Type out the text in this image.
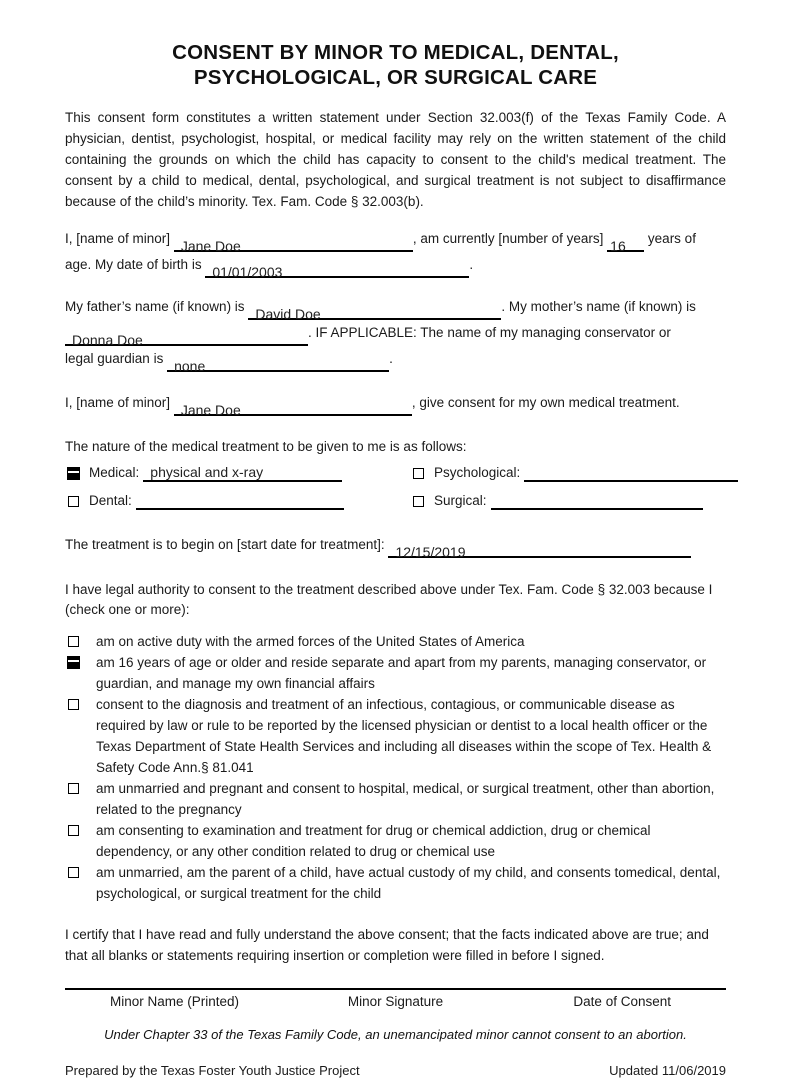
CONSENT BY MINOR TO MEDICAL, DENTAL,
PSYCHOLOGICAL, OR SURGICAL CARE

This consent form constitutes a written statement under Section 32.003(f) of the Texas Family Code. A physician, dentist, psychologist, hospital, or medical facility may rely on the written statement of the child containing the grounds on which the child has capacity to consent to the child's medical treatment. The consent by a child to medical, dental, psychological, and surgical treatment is not subject to disaffirmance because of the child’s minority. Tex. Fam. Code § 32.003(b).

I, [name of minor] Jane Doe	, am currently [number of years] 16 years of
age. My date of birth is 01/01/2003	.
My father’s name (if known) is David Doe	. My mother’s name (if known) is
Donna Doe	. IF APPLICABLE: The name of my managing conservator or
legal guardian is none	.
I, [name of minor] Jane Doe	, give consent for my own medical treatment.
The nature of the medical treatment to be given to me is as follows:
Medical: physical and x-ray	Psychological:
Dental:	Surgical:
The treatment is to begin on [start date for treatment]: 12/15/2019

I have legal authority to consent to the treatment described above under Tex. Fam. Code § 32.003 because I (check one or more):

am on active duty with the armed forces of the United States of America
am 16 years of age or older and reside separate and apart from my parents, managing conservator, or guardian, and manage my own financial affairs
consent to the diagnosis and treatment of an infectious, contagious, or communicable disease as required by law or rule to be reported by the licensed physician or dentist to a local health officer or the Texas Department of State Health Services and including all diseases within the scope of Tex. Health & Safety Code Ann.§ 81.041
am unmarried and pregnant and consent to hospital, medical, or surgical treatment, other than abortion, related to the pregnancy
am consenting to examination and treatment for drug or chemical addiction, drug or chemical dependency, or any other condition related to drug or chemical use
am unmarried, am the parent of a child, have actual custody of my child, and consents tomedical, dental, psychological, or surgical treatment for the child

I certify that I have read and fully understand the above consent; that the facts indicated above are true; and that all blanks or statements requiring insertion or completion were filled in before I signed.

Minor Name (Printed)	Minor Signature	Date of Consent
Under Chapter 33 of the Texas Family Code, an unemancipated minor cannot consent to an abortion.
Prepared by the Texas Foster Youth Justice Project	Updated 11/06/2019
